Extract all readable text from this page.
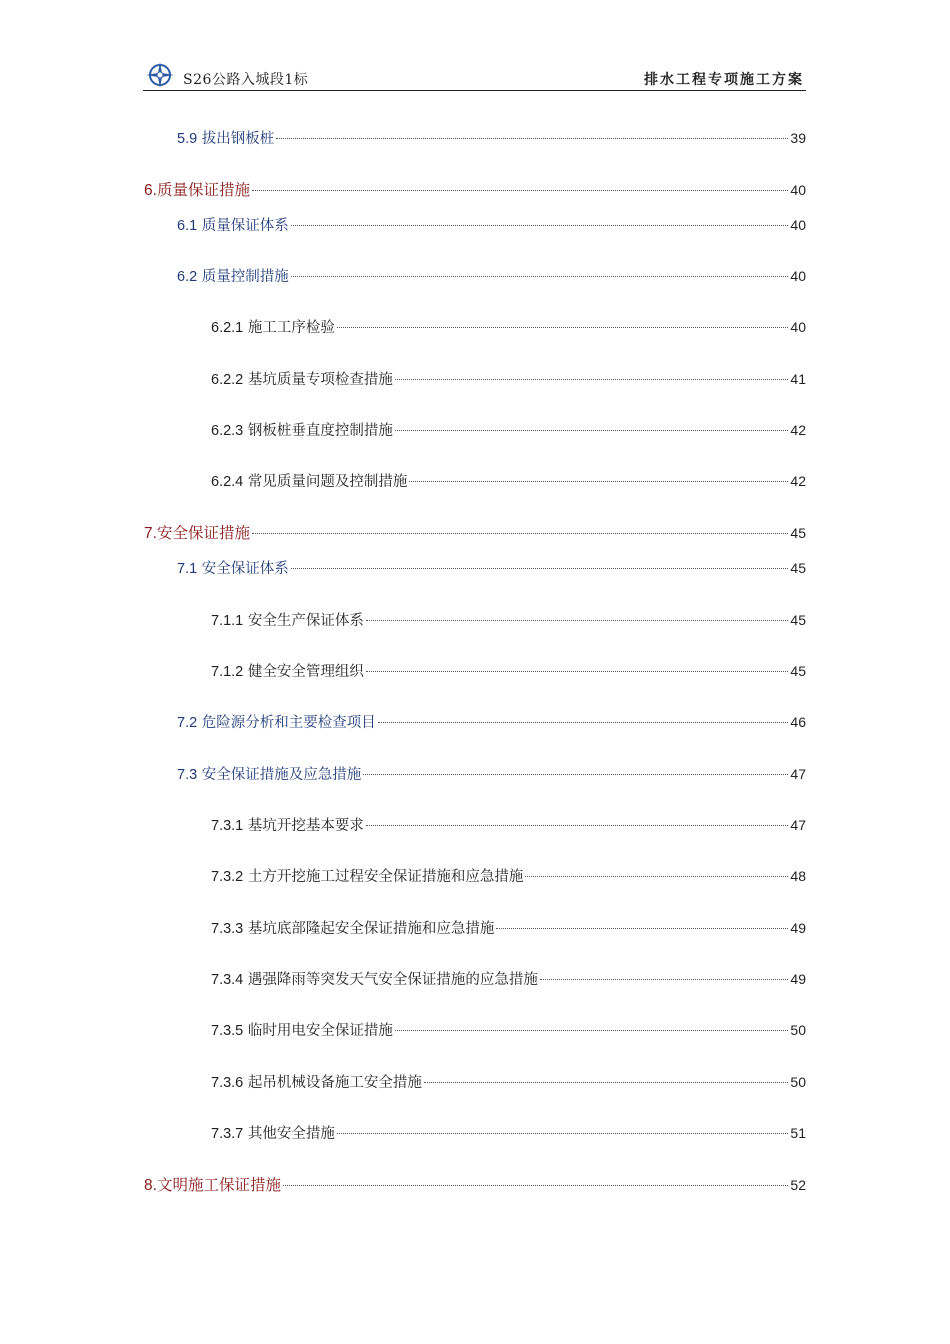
S26公路入城段1标	排水工程专项施工方案
5.9 拔出钢板桩	39
6.质量保证措施	40
6.1 质量保证体系	40
6.2 质量控制措施	40
6.2.1 施工工序检验	40
6.2.2 基坑质量专项检查措施	41
6.2.3 钢板桩垂直度控制措施	42
6.2.4 常见质量问题及控制措施	42
7.安全保证措施	45
7.1 安全保证体系	45
7.1.1 安全生产保证体系	45
7.1.2 健全安全管理组织	45
7.2 危险源分析和主要检查项目	46
7.3 安全保证措施及应急措施	47
7.3.1 基坑开挖基本要求	47
7.3.2 土方开挖施工过程安全保证措施和应急措施	48
7.3.3 基坑底部隆起安全保证措施和应急措施	49
7.3.4 遇强降雨等突发天气安全保证措施的应急措施	49
7.3.5 临时用电安全保证措施	50
7.3.6 起吊机械设备施工安全措施	50
7.3.7 其他安全措施	51
8.文明施工保证措施	52
